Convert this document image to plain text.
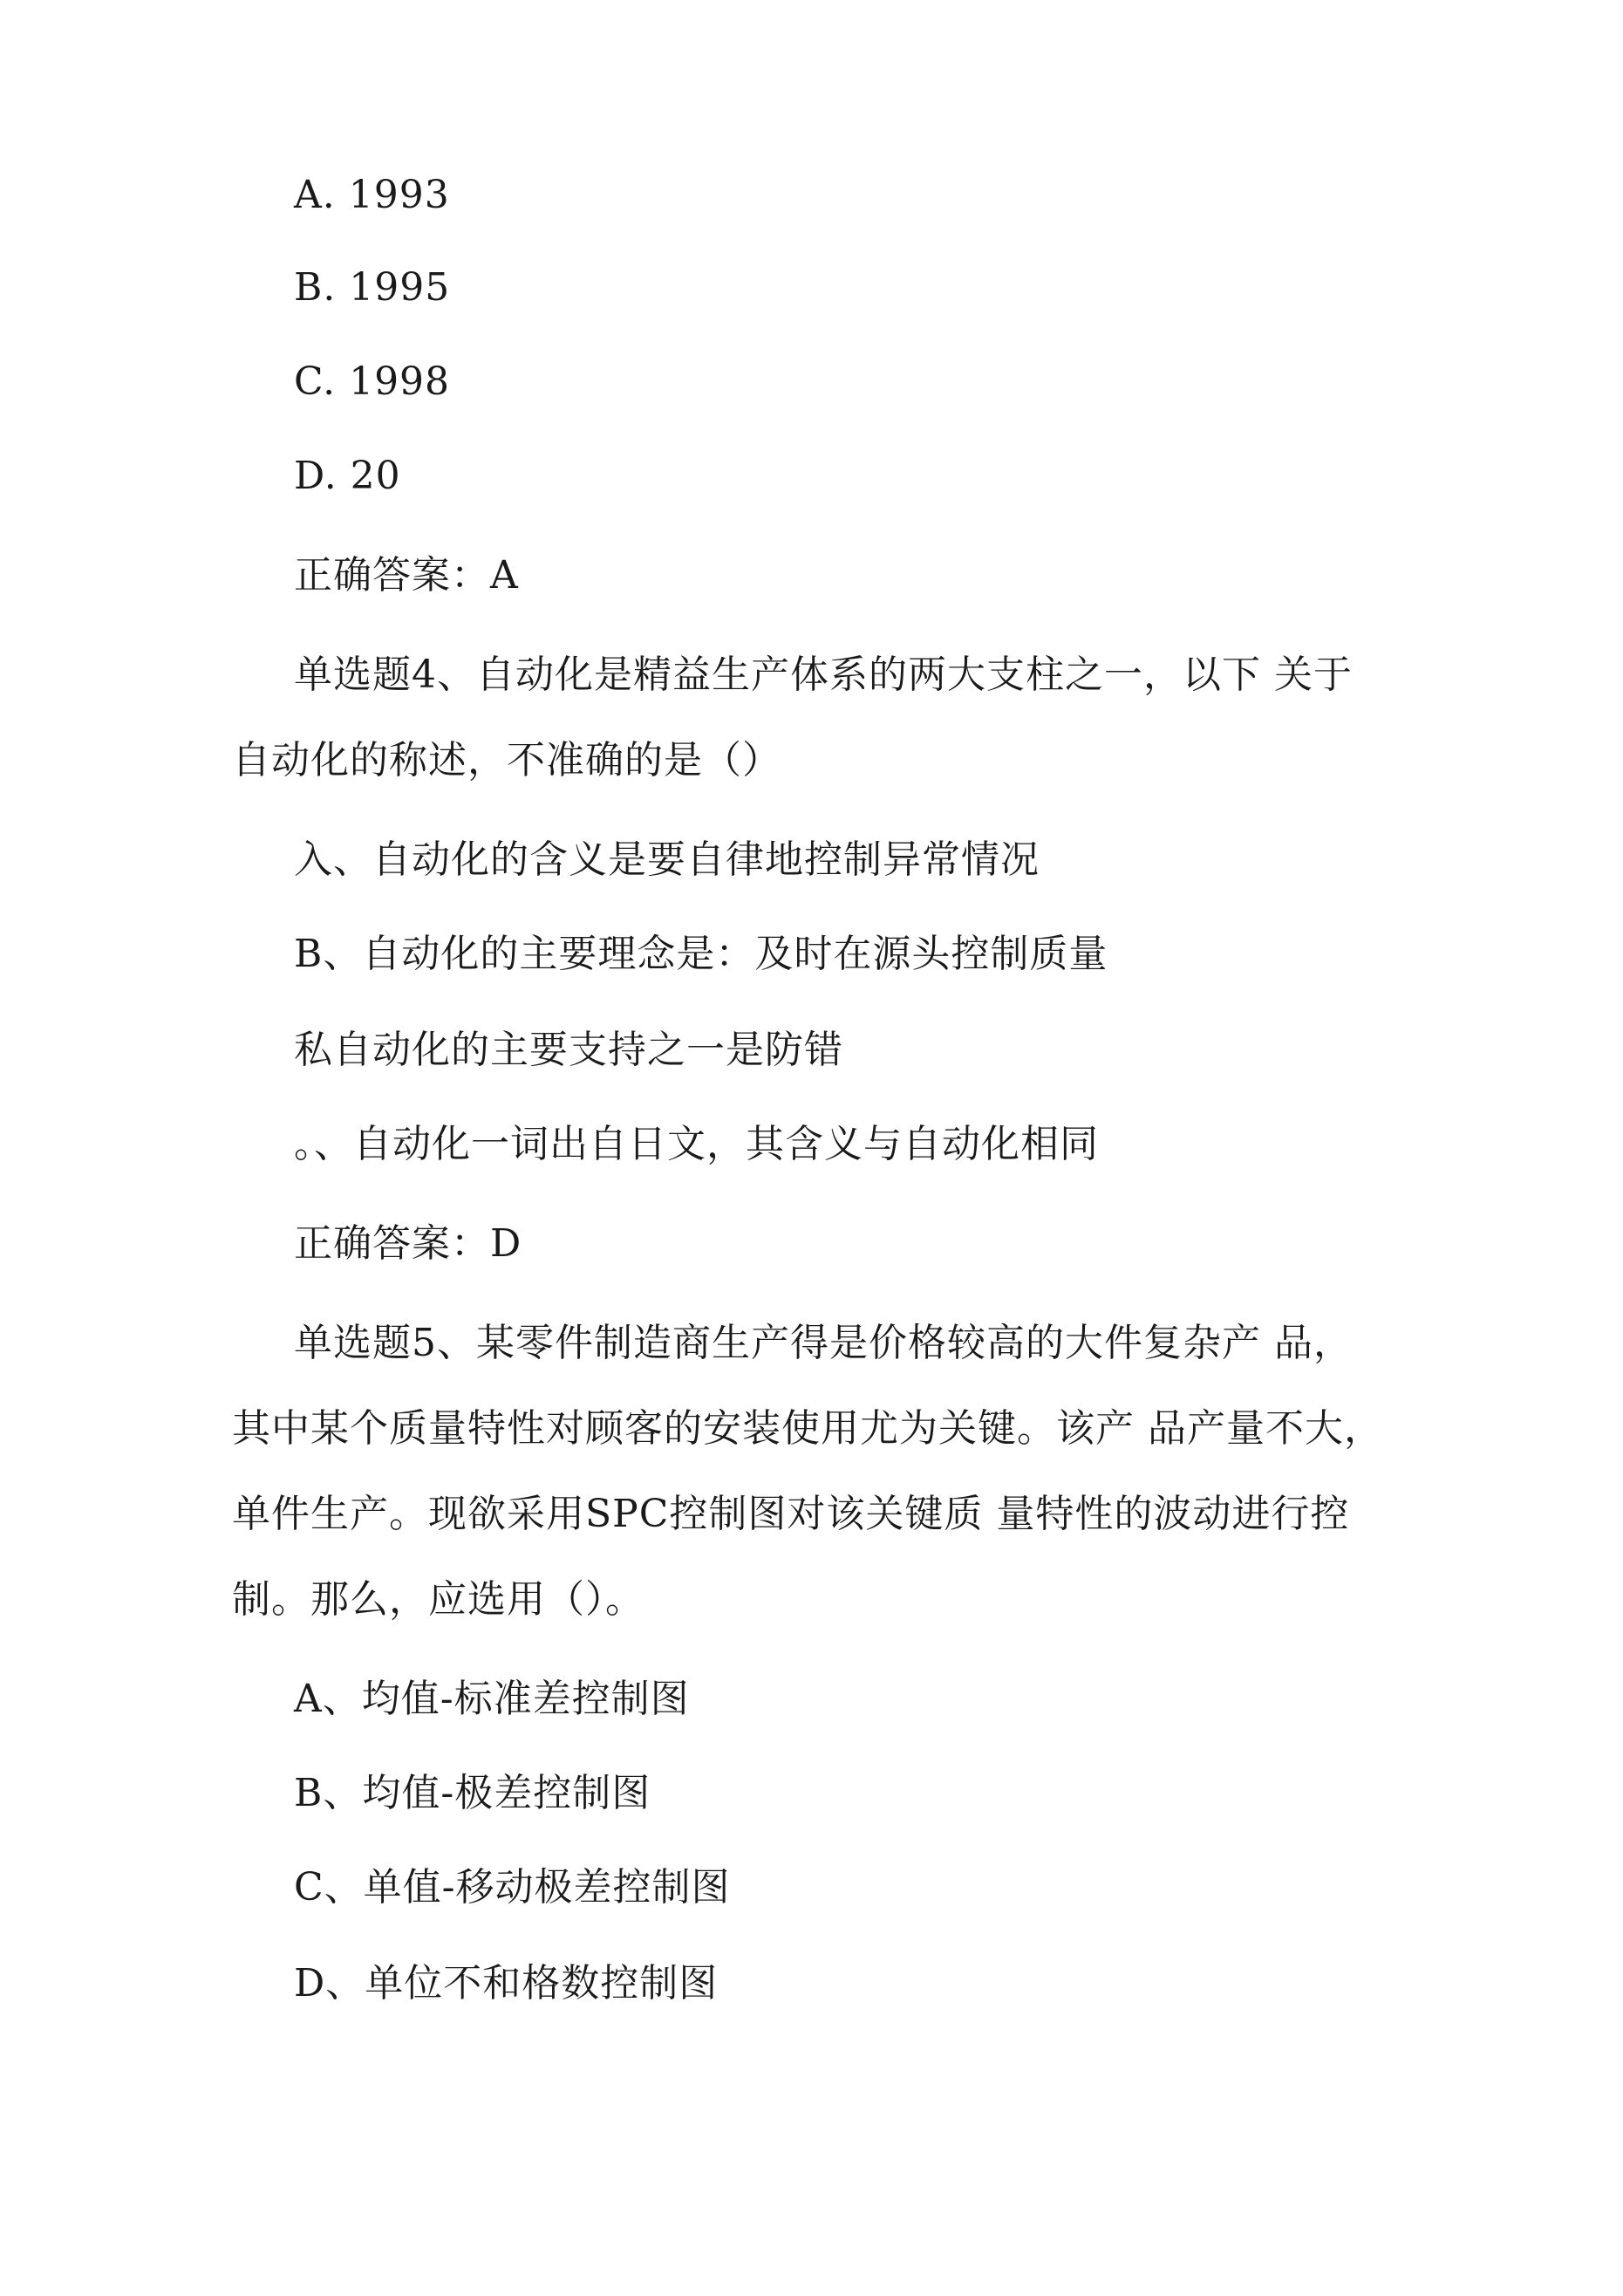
A. 1993
B. 1995
C. 1998
D. 20
正确答案：A
单选题4、自动化是精益生产体系的两大支柱之一，以下 关于
自动化的称述，不准确的是（）
入、自动化的含义是要自律地控制异常情况
B、自动化的主要理念是：及时在源头控制质量
私自动化的主要支持之一是防错
。、自动化一词出自日文，其含义与自动化相同
正确答案：D
单选题5、某零件制造商生产得是价格较高的大件复杂产 品，
其中某个质量特性对顾客的安装使用尤为关键。该产 品产量不大，
单件生产。现欲采用SPC控制图对该关键质 量特性的波动进行控
制。那么，应选用（）。
A、均值-标准差控制图
B、均值-极差控制图
C、单值-移动极差控制图
D、单位不和格数控制图
